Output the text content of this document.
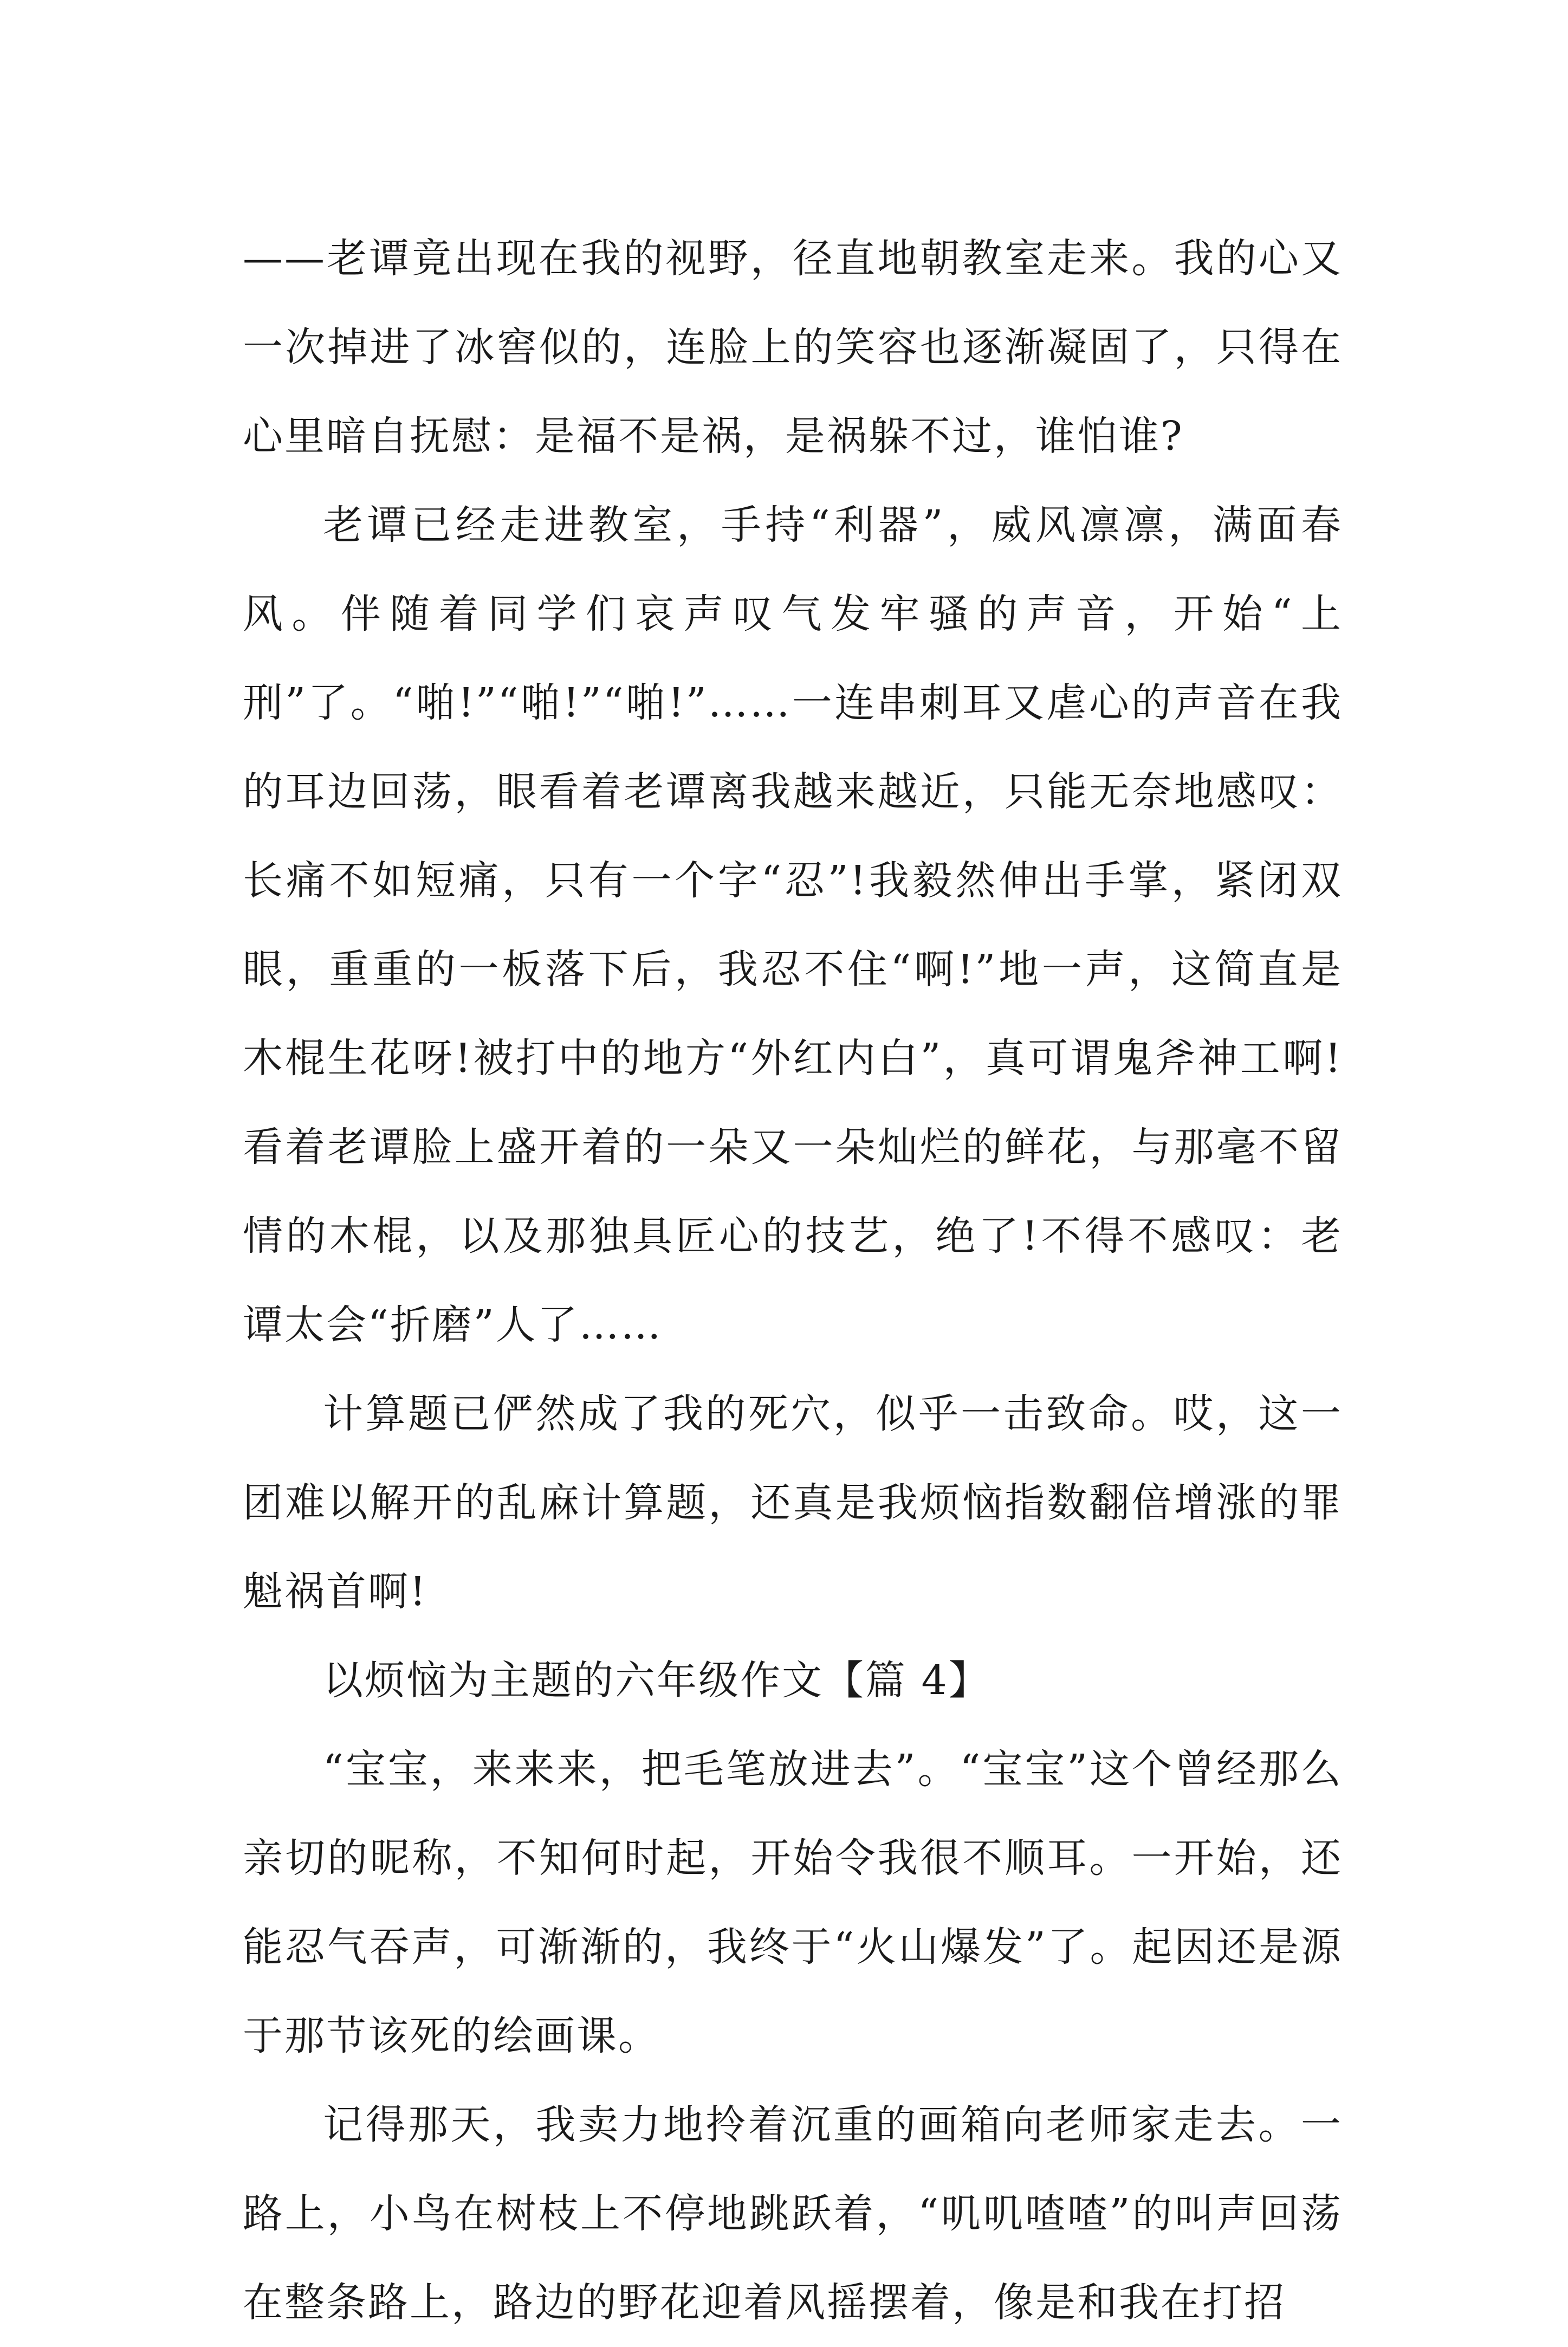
——老谭竟出现在我的视野，径直地朝教室走来。我的心又一次掉进了冰窖似的，连脸上的笑容也逐渐凝固了，只得在心里暗自抚慰：是福不是祸，是祸躲不过，谁怕谁?

老谭已经走进教室，手持“利器”，威风凛凛，满面春风。伴随着同学们哀声叹气发牢骚的声音，开始“上刑”了。“啪!”“啪!”“啪!”……一连串刺耳又虐心的声音在我的耳边回荡，眼看着老谭离我越来越近，只能无奈地感叹：长痛不如短痛，只有一个字“忍”!我毅然伸出手掌，紧闭双眼，重重的一板落下后，我忍不住“啊!”地一声，这简直是木棍生花呀!被打中的地方“外红内白”，真可谓鬼斧神工啊!看着老谭脸上盛开着的一朵又一朵灿烂的鲜花，与那毫不留情的木棍，以及那独具匠心的技艺，绝了!不得不感叹：老谭太会“折磨”人了……

计算题已俨然成了我的死穴，似乎一击致命。哎，这一团难以解开的乱麻计算题，还真是我烦恼指数翻倍增涨的罪魁祸首啊!

以烦恼为主题的六年级作文【篇 4】

“宝宝，来来来，把毛笔放进去”。“宝宝”这个曾经那么亲切的昵称，不知何时起，开始令我很不顺耳。一开始，还能忍气吞声，可渐渐的，我终于“火山爆发”了。起因还是源于那节该死的绘画课。

记得那天，我卖力地拎着沉重的画箱向老师家走去。一路上，小鸟在树枝上不停地跳跃着，“叽叽喳喳”的叫声回荡在整条路上，路边的野花迎着风摇摆着，像是和我在打招
